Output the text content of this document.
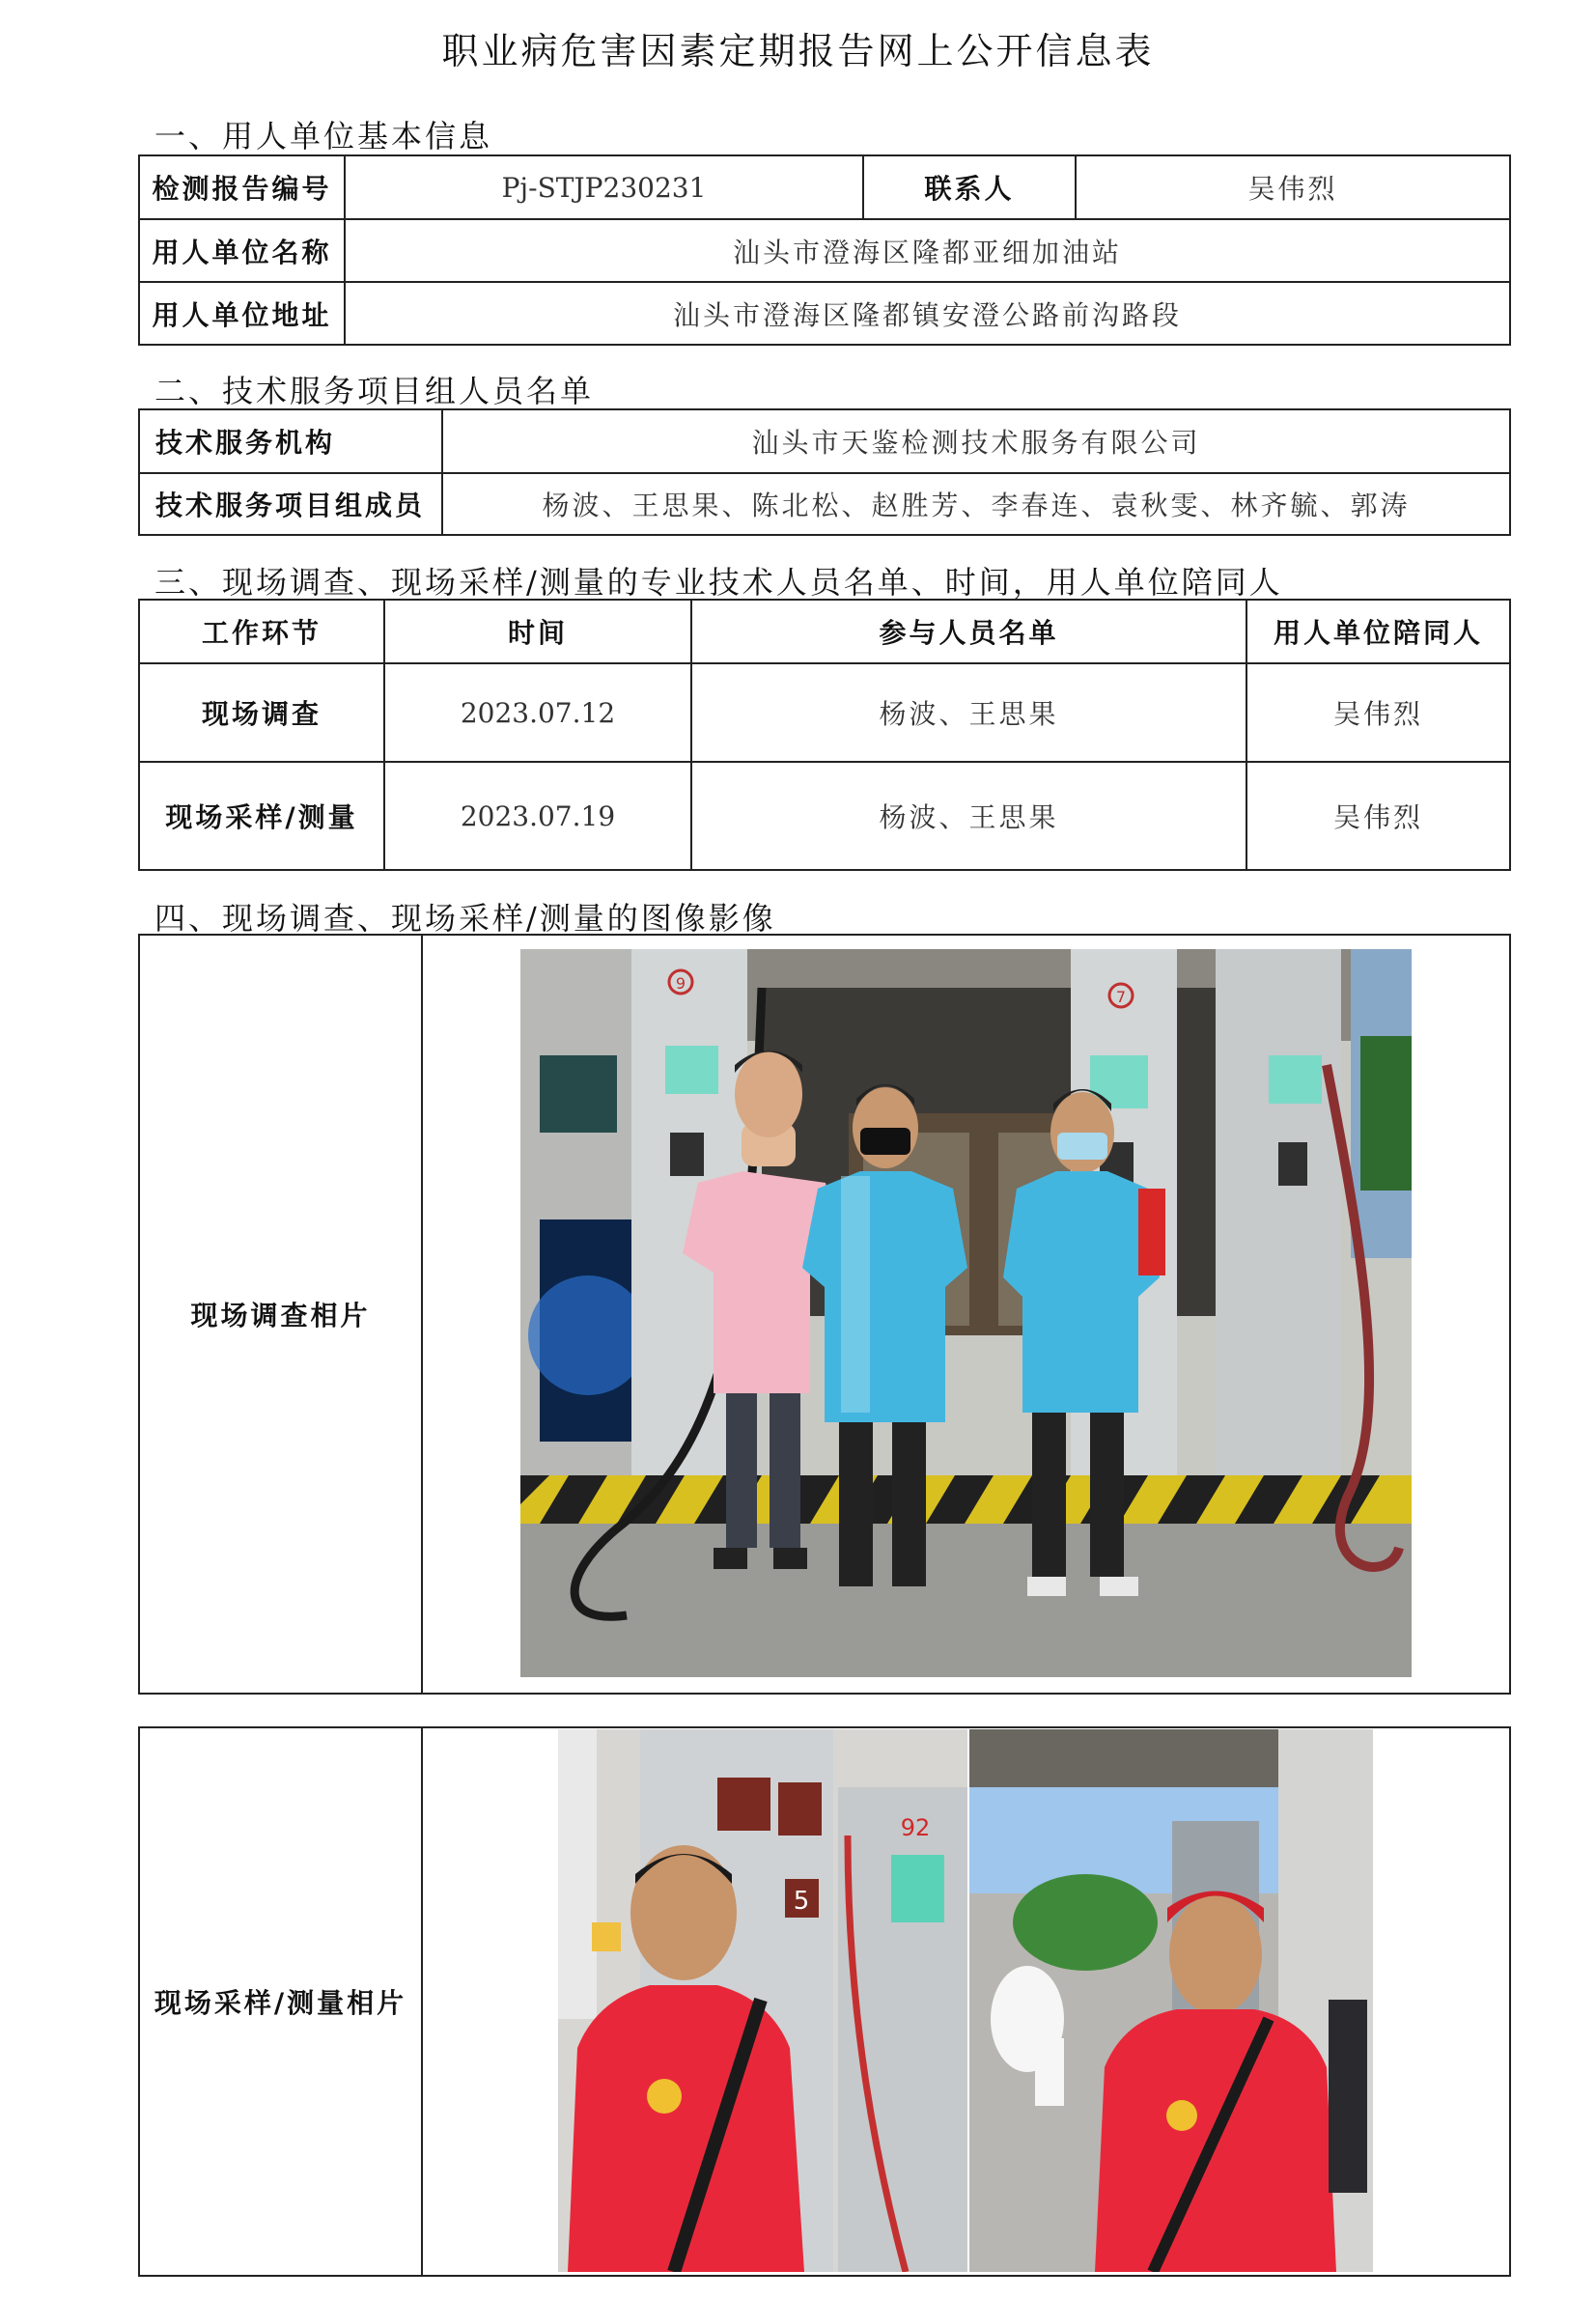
职业病危害因素定期报告网上公开信息表
一、用人单位基本信息
检测报告编号	Pj-STJP230231	联系人	吴伟烈
用人单位名称	汕头市澄海区隆都亚细加油站		
用人单位地址	汕头市澄海区隆都镇安澄公路前沟路段		
二、技术服务项目组人员名单
技术服务机构	汕头市天鉴检测技术服务有限公司
技术服务项目组成员	杨波、王思果、陈北松、赵胜芳、李春连、袁秋雯、林齐毓、郭涛
三、现场调查、现场采样/测量的专业技术人员名单、时间，用人单位陪同人
工作环节	时间	参与人员名单	用人单位陪同人
现场调查	2023.07.12	杨波、王思果	吴伟烈
现场采样/测量	2023.07.19	杨波、王思果	吴伟烈
四、现场调查、现场采样/测量的图像影像
现场调查相片	
现场采样/测量相片	
9
7
5
92
